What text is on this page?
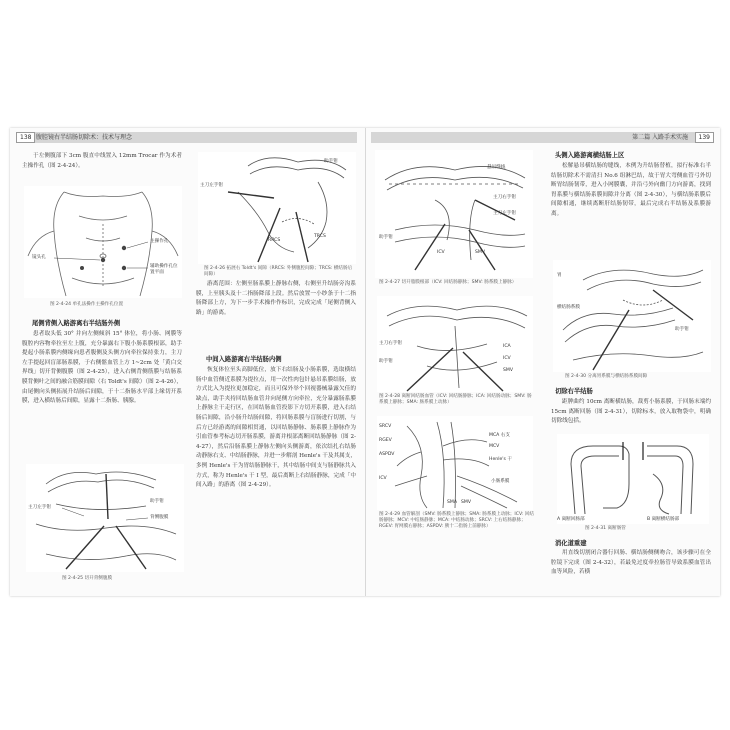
138 腹腔镜右半结肠切除术：技术与理念

于左侧腹部下 3cm 腹直中线置入 12mm Trocar 作为术者主操作孔（图 2-4-24）。

镜头孔
主操作孔
辅助操作孔位置平面
图 2-4-24 单孔法操作主操作孔位置
尾侧背侧入路游离右半结肠外侧

患者取头低 30° 并向左侧倾斜 15° 体位，将小肠、网膜等腹腔内容物牵拉至左上腹，充分暴露右下腹小肠系膜根部，助手提起小肠系膜内侧缘向患者腹侧及头侧方向牵拉保持张力，主刀左手提起回盲部肠系膜，于右侧髂血管上方 1~2cm 处「黄白交界线」切开背侧腹膜（图 2-4-25），进入右侧背侧筋膜与结肠系膜背侧叶之间的融合筋膜间隙（右 Toldt's 间隙）（图 2-4-26），由尾侧向头侧拓展升结肠后间隙，于十二指肠水平部上缘切开系膜，进入横结肠后间隙，显露十二指肠、胰腺。

主刀左手钳
背侧腹膜
助手钳
图 2-4-25 切开背侧腹膜
主刀左手钳
助手钳
RRCS
TRCS
图 2-4-26 拓展右 Toldt's 间隙（RRCS: 外侧腹腔间隙；TRCS: 横结肠后间隙）

游离范围：左侧至肠系膜上静脉右侧，右侧至升结肠旁沟系膜，上至胰头及十二指肠降部上段。然后放置一小纱条于十二指肠降部上方，为下一步手术操作作标识，完成完成「尾侧背侧入路」的游离。

中间入路游离右半结肠内侧

恢复体位至头高脚低位，放下右结肠及小肠系膜，选取横结肠中血管侧近系膜为提拉点，用一次性肉包针悬吊系膜结肠，放方式比入为提拉更加稳定，而且可保外举个回视器械暴露欠佳的缺点，助手夹持回结肠血管并向尾侧方向牵拉，充分暴露肠系膜上静脉主干走行区，在回结肠血管投影下方切开系膜，进入右结肠后间隙，沿小肠升结肠间隙，将回肠系膜与盲肠进行切割，与后方已经游离的间隙相贯通，以回结肠静脉、肠系膜上静脉作为引血管参考标志切开肠系膜，游离并根部离断回结肠静脉（图 2-4-27），然后沿肠系膜上静脉左侧向头侧游离，依次结扎右结肠动静脉右支、中结肠静脉，并进一步解剖 Henle's 干及其属支，多例 Henle's 干为胃结肠静脉干，其中结肠中间支与肠静脉共入方式，称为 Henle's 干 I 型，最后离断上右结肠静脉，完成「中间入路」的游离（图 2-4-29）。

第二篇 入路手术实施	139
悬吊缝线
主刀右手钳
主刀左手钳
助手钳
ICV	SMV
图 2-4-27 切开脂膜根部（ICV: 回结肠静脉；SMV: 肠系膜上静脉）
主刀右手钳
助手钳
ICA
ICV
SMV
图 2-4-28 离断回结肠血管（ICV: 回结肠静脉；ICA: 回结肠动脉；SMV: 肠系膜上静脉；SMA: 肠系膜上动脉）
SRCV
RGEV
ASPDV
ICV
MCA 右支
MCV
Henle's 干
SMA SMV
小肠系膜
图 2-4-29 血管解剖（SMV: 肠系膜上静脉；SMA: 肠系膜上动脉；ICV: 回结肠静脉；MCV: 中结肠静脉；MCA: 中结肠动脉；SRCV: 上右结肠静脉；RGEV: 胃网膜右静脉；ASPDV: 胰十二指肠上前静脉）
头侧入路游离横结肠上区

松解悬吊横结肠的缝线，本例为升结肠替植，拟行标准右半结肠切除术不需清扫 No.6 组淋巴结，故于胃大弯侧血管弓外切断胃结肠韧带，进入小网膜囊，并沿弓外向幽门方向游离，找到胃系膜与横结肠系膜间隙并分离（图 2-4-30），与横结肠系膜后间隙相通，继续离断肝结肠韧带，最后完成右半结肠及系膜游离。

胃
横结肠系膜
助手钳
图 2-4-30 分离胃系膜与横结肠系膜间隙
切除右半结肠

距脾曲约 10cm 离断横结肠，裁剪小肠系膜，于回肠末端约 15cm 离断回肠（图 2-4-31），切除标本，放入取物袋中，明确切除线包括。

A 离断回肠部	B 离断横结肠部
图 2-4-31 离断肠管
消化道重建

用直线切割闭合器行回肠、横结肠侧侧吻合，该步骤可在全腔镜下完成（图 2-4-32），若最免过度牵拉肠管导致系膜血管出血等风险，若横
